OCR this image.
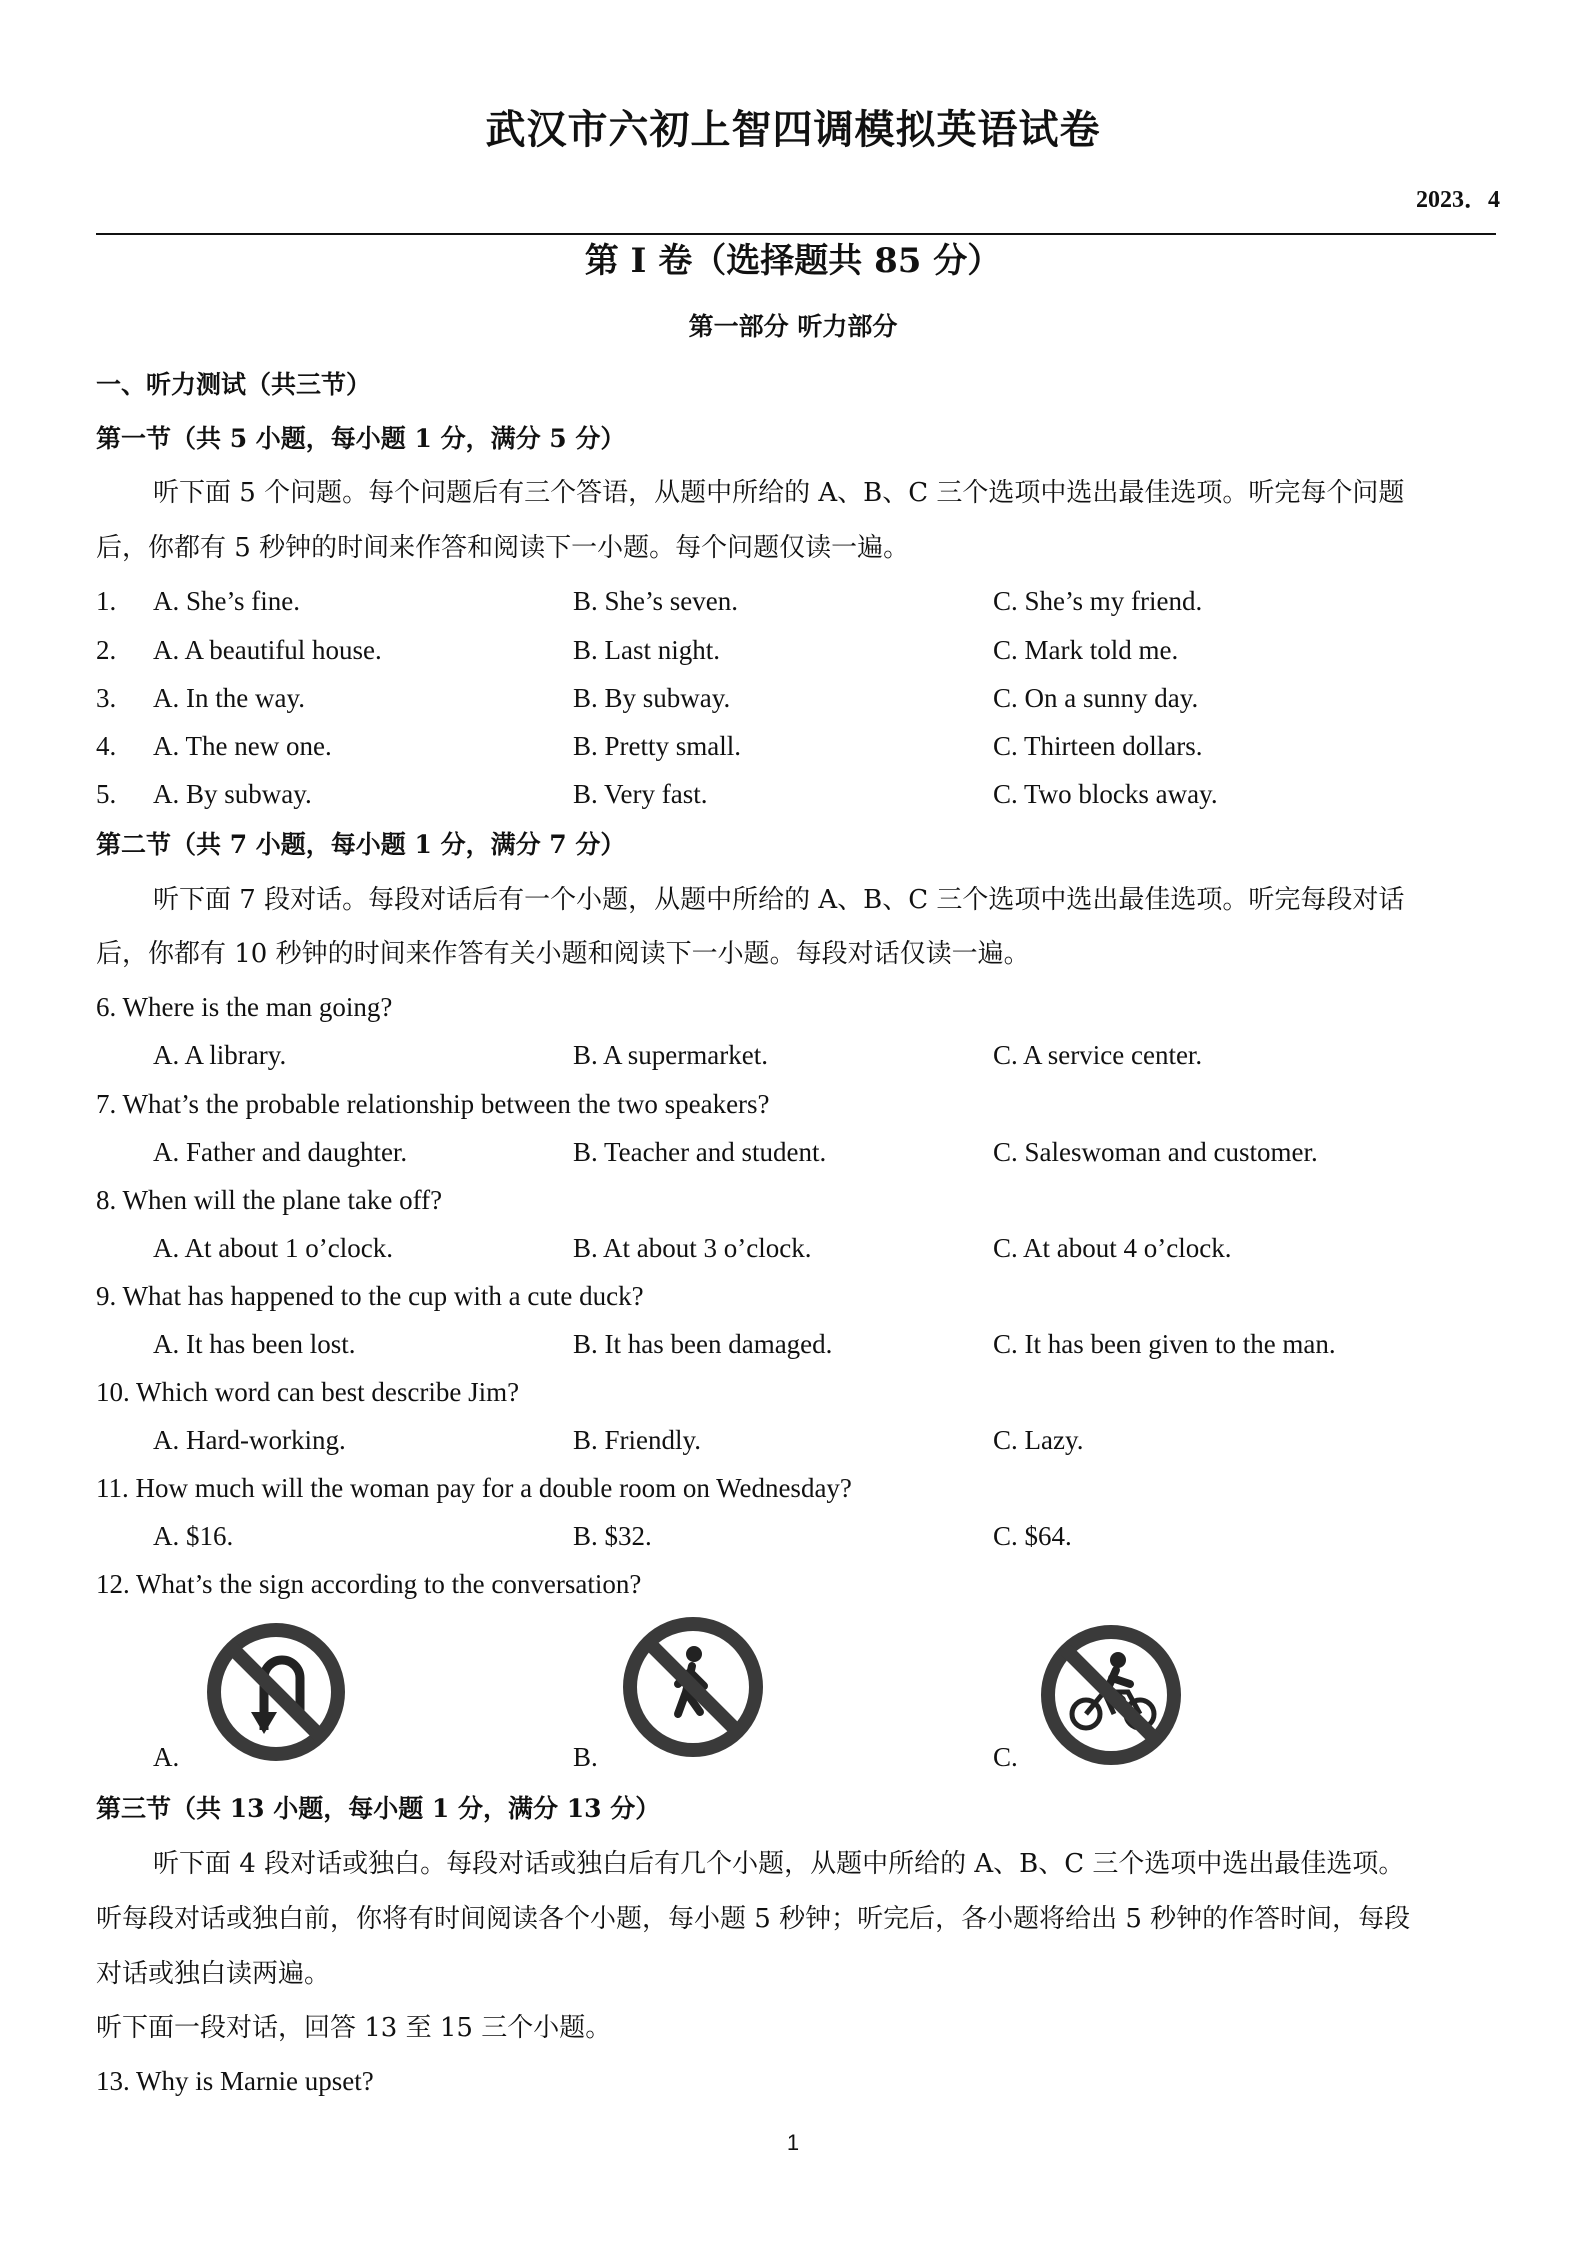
武汉市六初上智四调模拟英语试卷
2023．4
第 I 卷（选择题共 85 分）
第一部分 听力部分
一、听力测试（共三节）
第一节（共 5 小题，每小题 1 分，满分 5 分）
听下面 5 个问题。每个问题后有三个答语，从题中所给的 A、B、C 三个选项中选出最佳选项。听完每个问题
后，你都有 5 秒钟的时间来作答和阅读下一小题。每个问题仅读一遍。
1. A. She’s fine.	B. She’s seven.	C. She’s my friend.
2. A. A beautiful house.	B. Last night.	C. Mark told me.
3. A. In the way.	B. By subway.	C. On a sunny day.
4. A. The new one.	B. Pretty small.	C. Thirteen dollars.
5. A. By subway.	B. Very fast.	C. Two blocks away.
第二节（共 7 小题，每小题 1 分，满分 7 分）
听下面 7 段对话。每段对话后有一个小题，从题中所给的 A、B、C 三个选项中选出最佳选项。听完每段对话
后，你都有 10 秒钟的时间来作答有关小题和阅读下一小题。每段对话仅读一遍。
6. Where is the man going?
A. A library.	B. A supermarket.	C. A service center.
7. What’s the probable relationship between the two speakers?
A. Father and daughter.	B. Teacher and student.	C. Saleswoman and customer.
8. When will the plane take off?
A. At about 1 o’clock.	B. At about 3 o’clock.	C. At about 4 o’clock.
9. What has happened to the cup with a cute duck?
A. It has been lost.	B. It has been damaged.	C. It has been given to the man.
10. Which word can best describe Jim?
A. Hard-working.	B. Friendly.	C. Lazy.
11. How much will the woman pay for a double room on Wednesday?
A. $16.	B. $32.	C. $64.
12. What’s the sign according to the conversation?
A.	B.	C.
第三节（共 13 小题，每小题 1 分，满分 13 分）
听下面 4 段对话或独白。每段对话或独白后有几个小题，从题中所给的 A、B、C 三个选项中选出最佳选项。
听每段对话或独白前，你将有时间阅读各个小题，每小题 5 秒钟；听完后，各小题将给出 5 秒钟的作答时间，每段
对话或独白读两遍。
听下面一段对话，回答 13 至 15 三个小题。
13. Why is Marnie upset?
1
